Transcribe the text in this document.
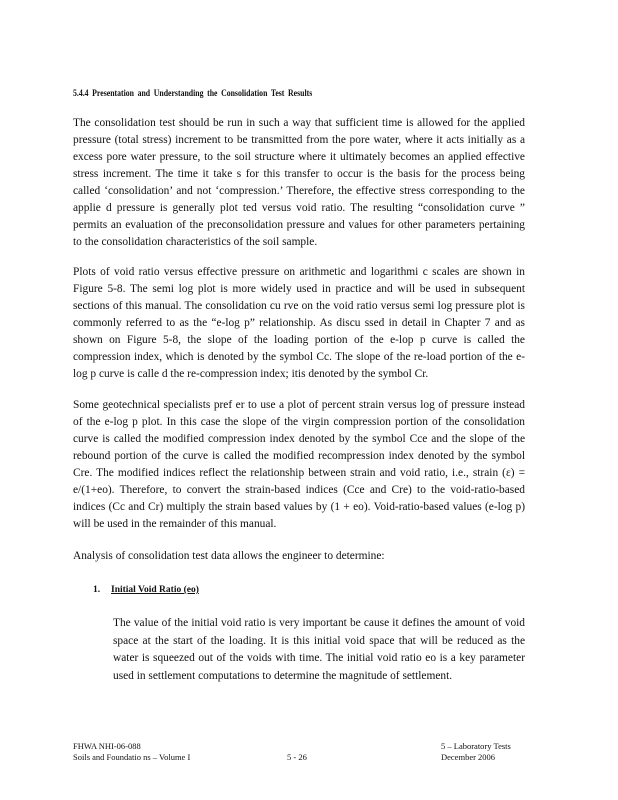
5.4.4 Presentation and Understanding the Consolidation Test Results

The consolidation test should be run in such a way that sufficient time is allowed for the applied pressure (total stress) increment to be transmitted from the pore water, where it acts initially as a excess pore water pressure, to the soil structure where it ultimately becomes an applied effective stress increment. The time it take s for this transfer to occur is the basis for the process being called ‘consolidation’ and not ‘compression.’ Therefore, the effective stress corresponding to the applie d pressure is generally plot ted versus void ratio. The resulting “consolidation curve ” permits an evaluation of the preconsolidation pressure and values for other parameters pertaining to the consolidation characteristics of the soil sample.

Plots of void ratio versus effective pressure on arithmetic and logarithmi c scales are shown in Figure 5-8. The semi log plot is more widely used in practice and will be used in subsequent sections of this manual. The consolidation cu rve on the void ratio versus semi log pressure plot is commonly referred to as the “e-log p” relationship. As discu ssed in detail in Chapter 7 and as shown on Figure 5-8, the slope of the loading portion of the e-lop p curve is called the compression index, which is denoted by the symbol Cc. The slope of the re-load portion of the e-log p curve is calle d the re-compression index; itis denoted by the symbol Cr.

Some geotechnical specialists pref er to use a plot of percent strain versus log of pressure instead of the e-log p plot. In this case the slope of the virgin compression portion of the consolidation curve is called the modified compression index denoted by the symbol Cce and the slope of the rebound portion of the curve is called the modified recompression index denoted by the symbol Cre. The modified indices reflect the relationship between strain and void ratio, i.e., strain (ε) = e/(1+eo). Therefore, to convert the strain-based indices (Cce and Cre) to the void-ratio-based indices (Cc and Cr) multiply the strain based values by (1 + eo). Void-ratio-based values (e-log p) will be used in the remainder of this manual.

Analysis of consolidation test data allows the engineer to determine:

1. Initial Void Ratio (eo)

The value of the initial void ratio is very important be cause it defines the amount of void space at the start of the loading. It is this initial void space that will be reduced as the water is squeezed out of the voids with time. The initial void ratio eo is a key parameter used in settlement computations to determine the magnitude of settlement.

FHWA NHI-06-088
Soils and Foundatio ns – Volume I	5 - 26
5 – Laboratory Tests
December 2006
